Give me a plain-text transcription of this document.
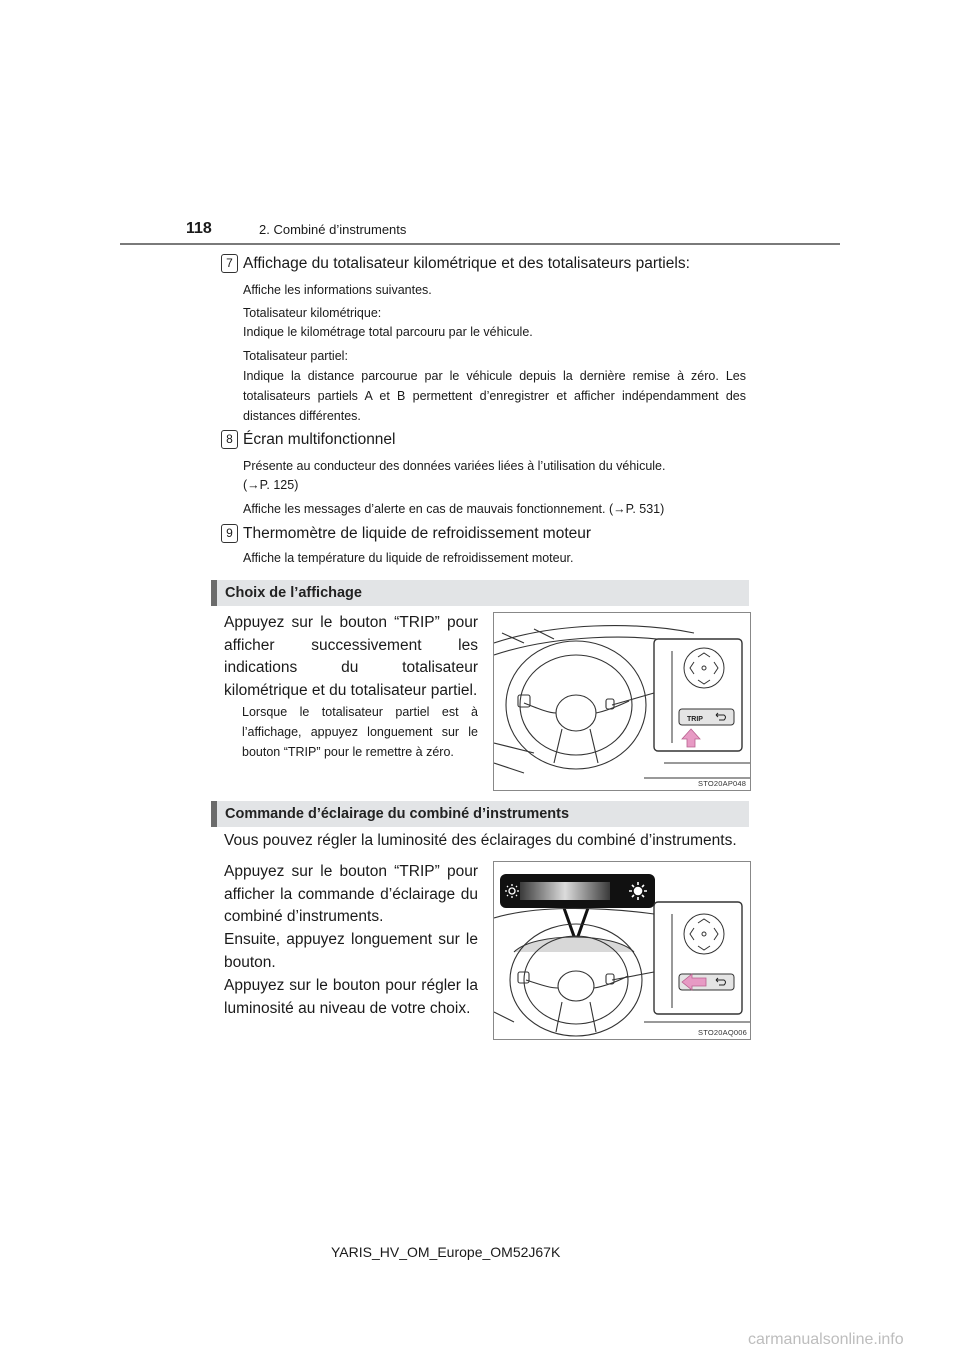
118	2. Combiné d’instruments
7 Affichage du totalisateur kilométrique et des totalisateurs partiels:
Affiche les informations suivantes.
Totalisateur kilométrique:
Indique le kilométrage total parcouru par le véhicule.
Totalisateur partiel:
Indique la distance parcourue par le véhicule depuis la dernière remise à zéro. Les totalisateurs partiels A et B permettent d’enregistrer et afficher indépendamment des distances différentes.
8 Écran multifonctionnel
Présente au conducteur des données variées liées à l’utilisation du véhicule.
(→P. 125)
Affiche les messages d’alerte en cas de mauvais fonctionnement. (→P. 531)
9 Thermomètre de liquide de refroidissement moteur
Affiche la température du liquide de refroidissement moteur.
Choix de l’affichage
Appuyez sur le bouton “TRIP” pour afficher successivement les indications du totalisateur kilométrique et du totalisateur partiel.
Lorsque le totalisateur partiel est à l’affichage, appuyez longuement sur le bouton “TRIP” pour le remettre à zéro.
TRIP
STO20AP048
Commande d’éclairage du combiné d’instruments
Vous pouvez régler la luminosité des éclairages du combiné d’instruments.
Appuyez sur le bouton “TRIP” pour afficher la commande d’éclairage du combiné d’instruments.
Ensuite, appuyez longuement sur le bouton.
Appuyez sur le bouton pour régler la luminosité au niveau de votre choix.
STO20AQ006
YARIS_HV_OM_Europe_OM52J67K
carmanualsonline.info
